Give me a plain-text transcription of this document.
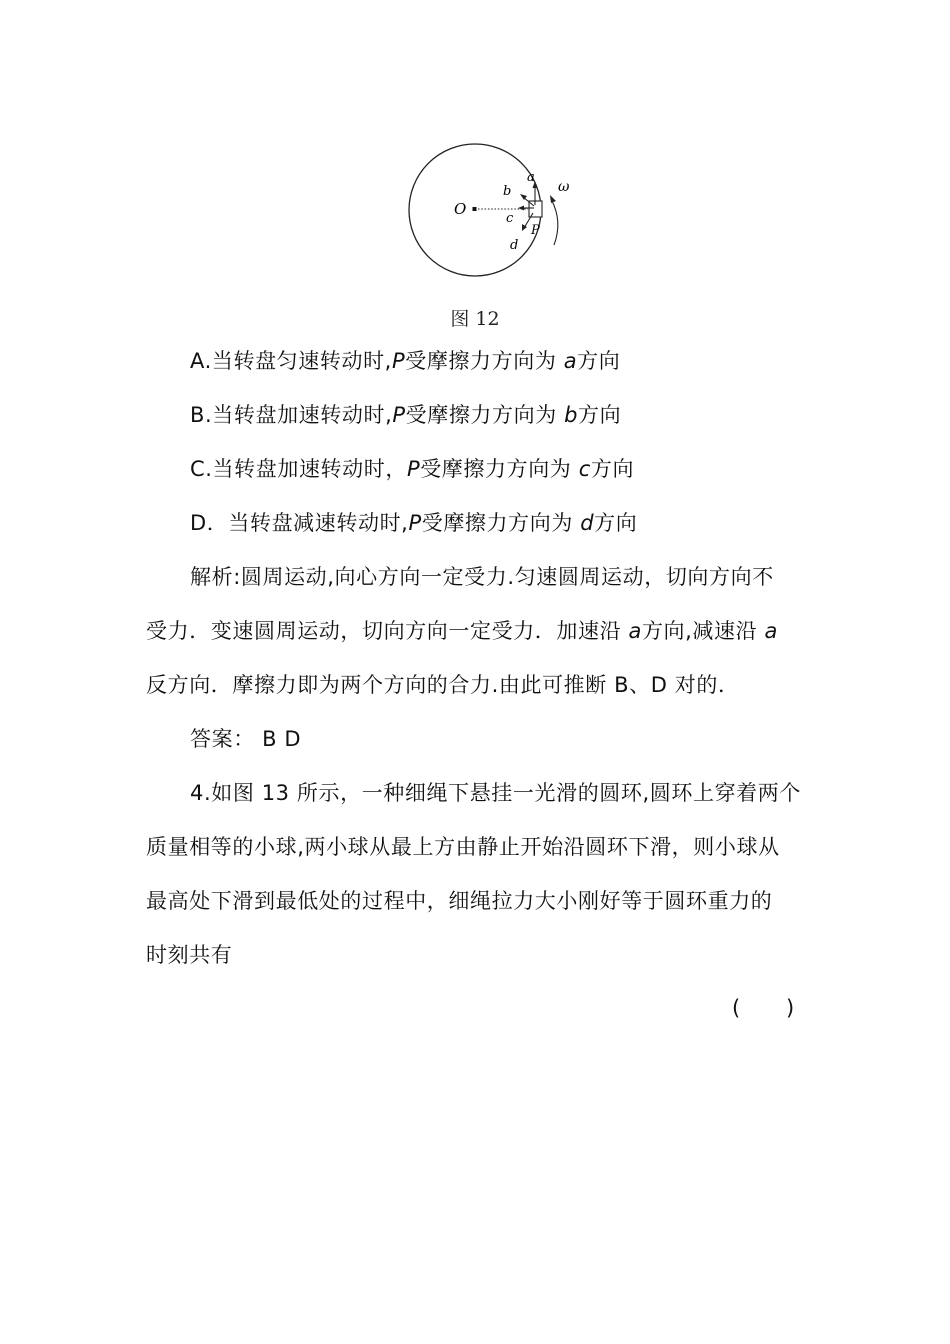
O
a
b
c
d
P
ω
图 12
A.当转盘匀速转动时,P受摩擦力方向为 a方向
B.当转盘加速转动时,P受摩擦力方向为 b方向
C.当转盘加速转动时，P受摩擦力方向为 c方向
D．当转盘减速转动时,P受摩擦力方向为 d方向
解析:圆周运动,向心方向一定受力.匀速圆周运动，切向方向不
受力．变速圆周运动，切向方向一定受力．加速沿 a方向,减速沿 a
反方向．摩擦力即为两个方向的合力.由此可推断 B、D 对的．
答案： B D
4.如图 13 所示，一种细绳下悬挂一光滑的圆环,圆环上穿着两个
质量相等的小球,两小球从最上方由静止开始沿圆环下滑，则小球从
最高处下滑到最低处的过程中，细绳拉力大小刚好等于圆环重力的
时刻共有
( )
